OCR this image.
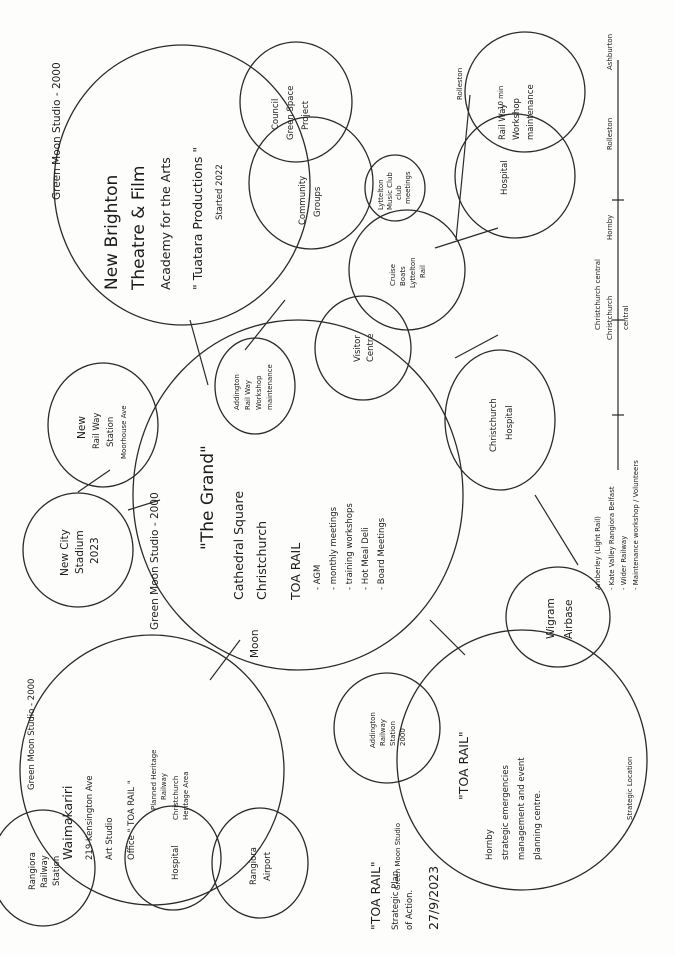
Green Moon Studio - 2000
New Brighton Theatre & Film Academy for the Arts " Tuatara Productions " Started 2022
Council Green Space Project
Community Groups	Lyttelton Music Club club meetings	Hospital
Rail Way Workshop maintenance
Rolleston
Ashburton
Rolleston
Hornby
Christchurch central
10 min
Cruise Boats Lyttelton Rail
Visitor Centre
Addington Rail Way Workshop maintenance
New Rail Way Station Moorhouse Ave
New City Stadium 2023	Green Moon Studio - 2000 "The Grand" Cathedral Square Christchurch TOA RAIL - AGM - monthly meetings - training workshops - Hot Meal Deli - Board Meetings
Christchurch Hospital
Amberley (Light Rail) - Kate Valley Rangiora Belfast - Wider Railway - Maintenance workshop / Volunteers
Christchurch central
Wigram Airbase
Green Moon Studio - 2000
Waimakariri 219 Kensington Ave Art Studio Office " TOA RAIL "
Planned Heritage Railway Christchurch Heritage Area
Rangiora Railway Station	Hospital	Rangiora Airport
Addington Railway Station 2000	"TOA RAIL"
Hornby strategic emergencies management and event planning centre.
Strategic Location
Green Moon Studio
Moon
"TOA RAIL" Strategic Plan of Action. 27/9/2023
